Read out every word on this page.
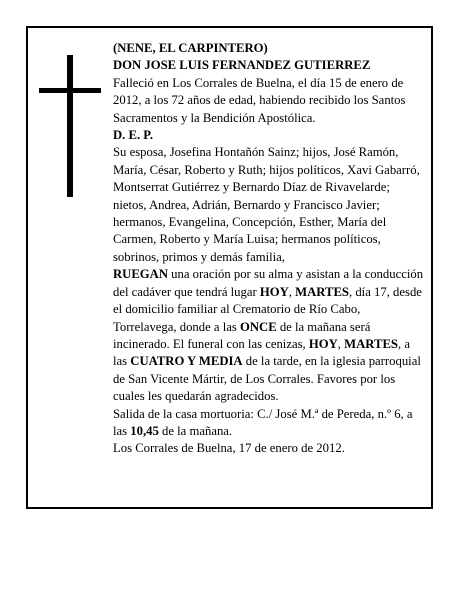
(NENE, EL CARPINTERO)

DON JOSE LUIS FERNANDEZ GUTIERREZ

Falleció en Los Corrales de Buelna, el día 15 de enero de 2012, a los 72 años de edad, habiendo recibido los Santos Sacramentos y la Bendición Apostólica.

D. E. P.

Su esposa, Josefina Hontañón Sainz; hijos, José Ramón, María, César, Roberto y Ruth; hijos políticos, Xavi Gabarró, Montserrat Gutiérrez y Bernardo Díaz de Rivavelarde; nietos, Andrea, Adrián, Bernardo y Francisco Javier; hermanos, Evangelina, Concepción, Esther, María del Carmen, Roberto y María Luisa; hermanos políticos, sobrinos, primos y demás familia,

RUEGAN una oración por su alma y asistan a la conducción del cadáver que tendrá lugar HOY, MARTES, día 17, desde el domicilio familiar al Crematorio de Río Cabo, Torrelavega, donde a las ONCE de la mañana será incinerado. El funeral con las cenizas, HOY, MARTES, a las CUATRO Y MEDIA de la tarde, en la iglesia parroquial de San Vicente Mártir, de Los Corrales. Favores por los cuales les quedarán agradecidos.

Salida de la casa mortuoria: C./ José M.ª de Pereda, n.º 6, a las 10,45 de la mañana.

Los Corrales de Buelna, 17 de enero de 2012.
